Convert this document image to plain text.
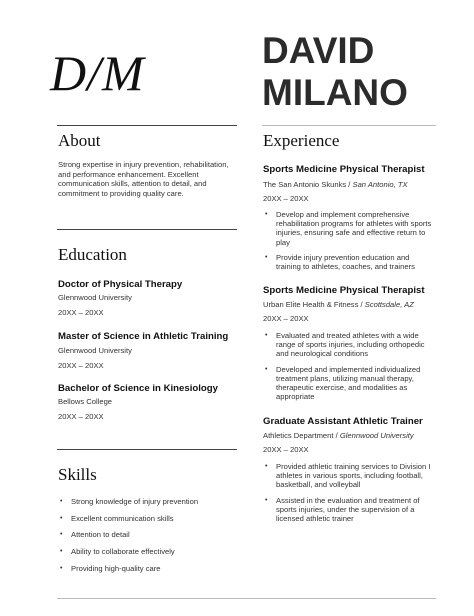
D/M	DAVID
MILANO
About
Strong expertise in injury prevention, rehabilitation, and performance enhancement. Excellent communication skills, attention to detail, and commitment to providing quality care.
Education
Doctor of Physical Therapy
Glennwood University
20XX – 20XX
Master of Science in Athletic Training
Glennwood University
20XX – 20XX
Bachelor of Science in Kinesiology
Bellows College
20XX – 20XX
Skills
• Strong knowledge of injury prevention
• Excellent communication skills
• Attention to detail
• Ability to collaborate effectively
• Providing high-quality care
Experience
Sports Medicine Physical Therapist
The San Antonio Skunks / San Antonio, TX
20XX – 20XX
• Develop and implement comprehensive rehabilitation programs for athletes with sports injuries, ensuring safe and effective return to play
• Provide injury prevention education and training to athletes, coaches, and trainers
Sports Medicine Physical Therapist
Urban Elite Health & Fitness / Scottsdale, AZ
20XX – 20XX
• Evaluated and treated athletes with a wide range of sports injuries, including orthopedic and neurological conditions
• Developed and implemented individualized treatment plans, utilizing manual therapy, therapeutic exercise, and modalities as appropriate
Graduate Assistant Athletic Trainer
Athletics Department / Glennwood University
20XX – 20XX
• Provided athletic training services to Division I athletes in various sports, including football, basketball, and volleyball
• Assisted in the evaluation and treatment of sports injuries, under the supervision of a licensed athletic trainer
